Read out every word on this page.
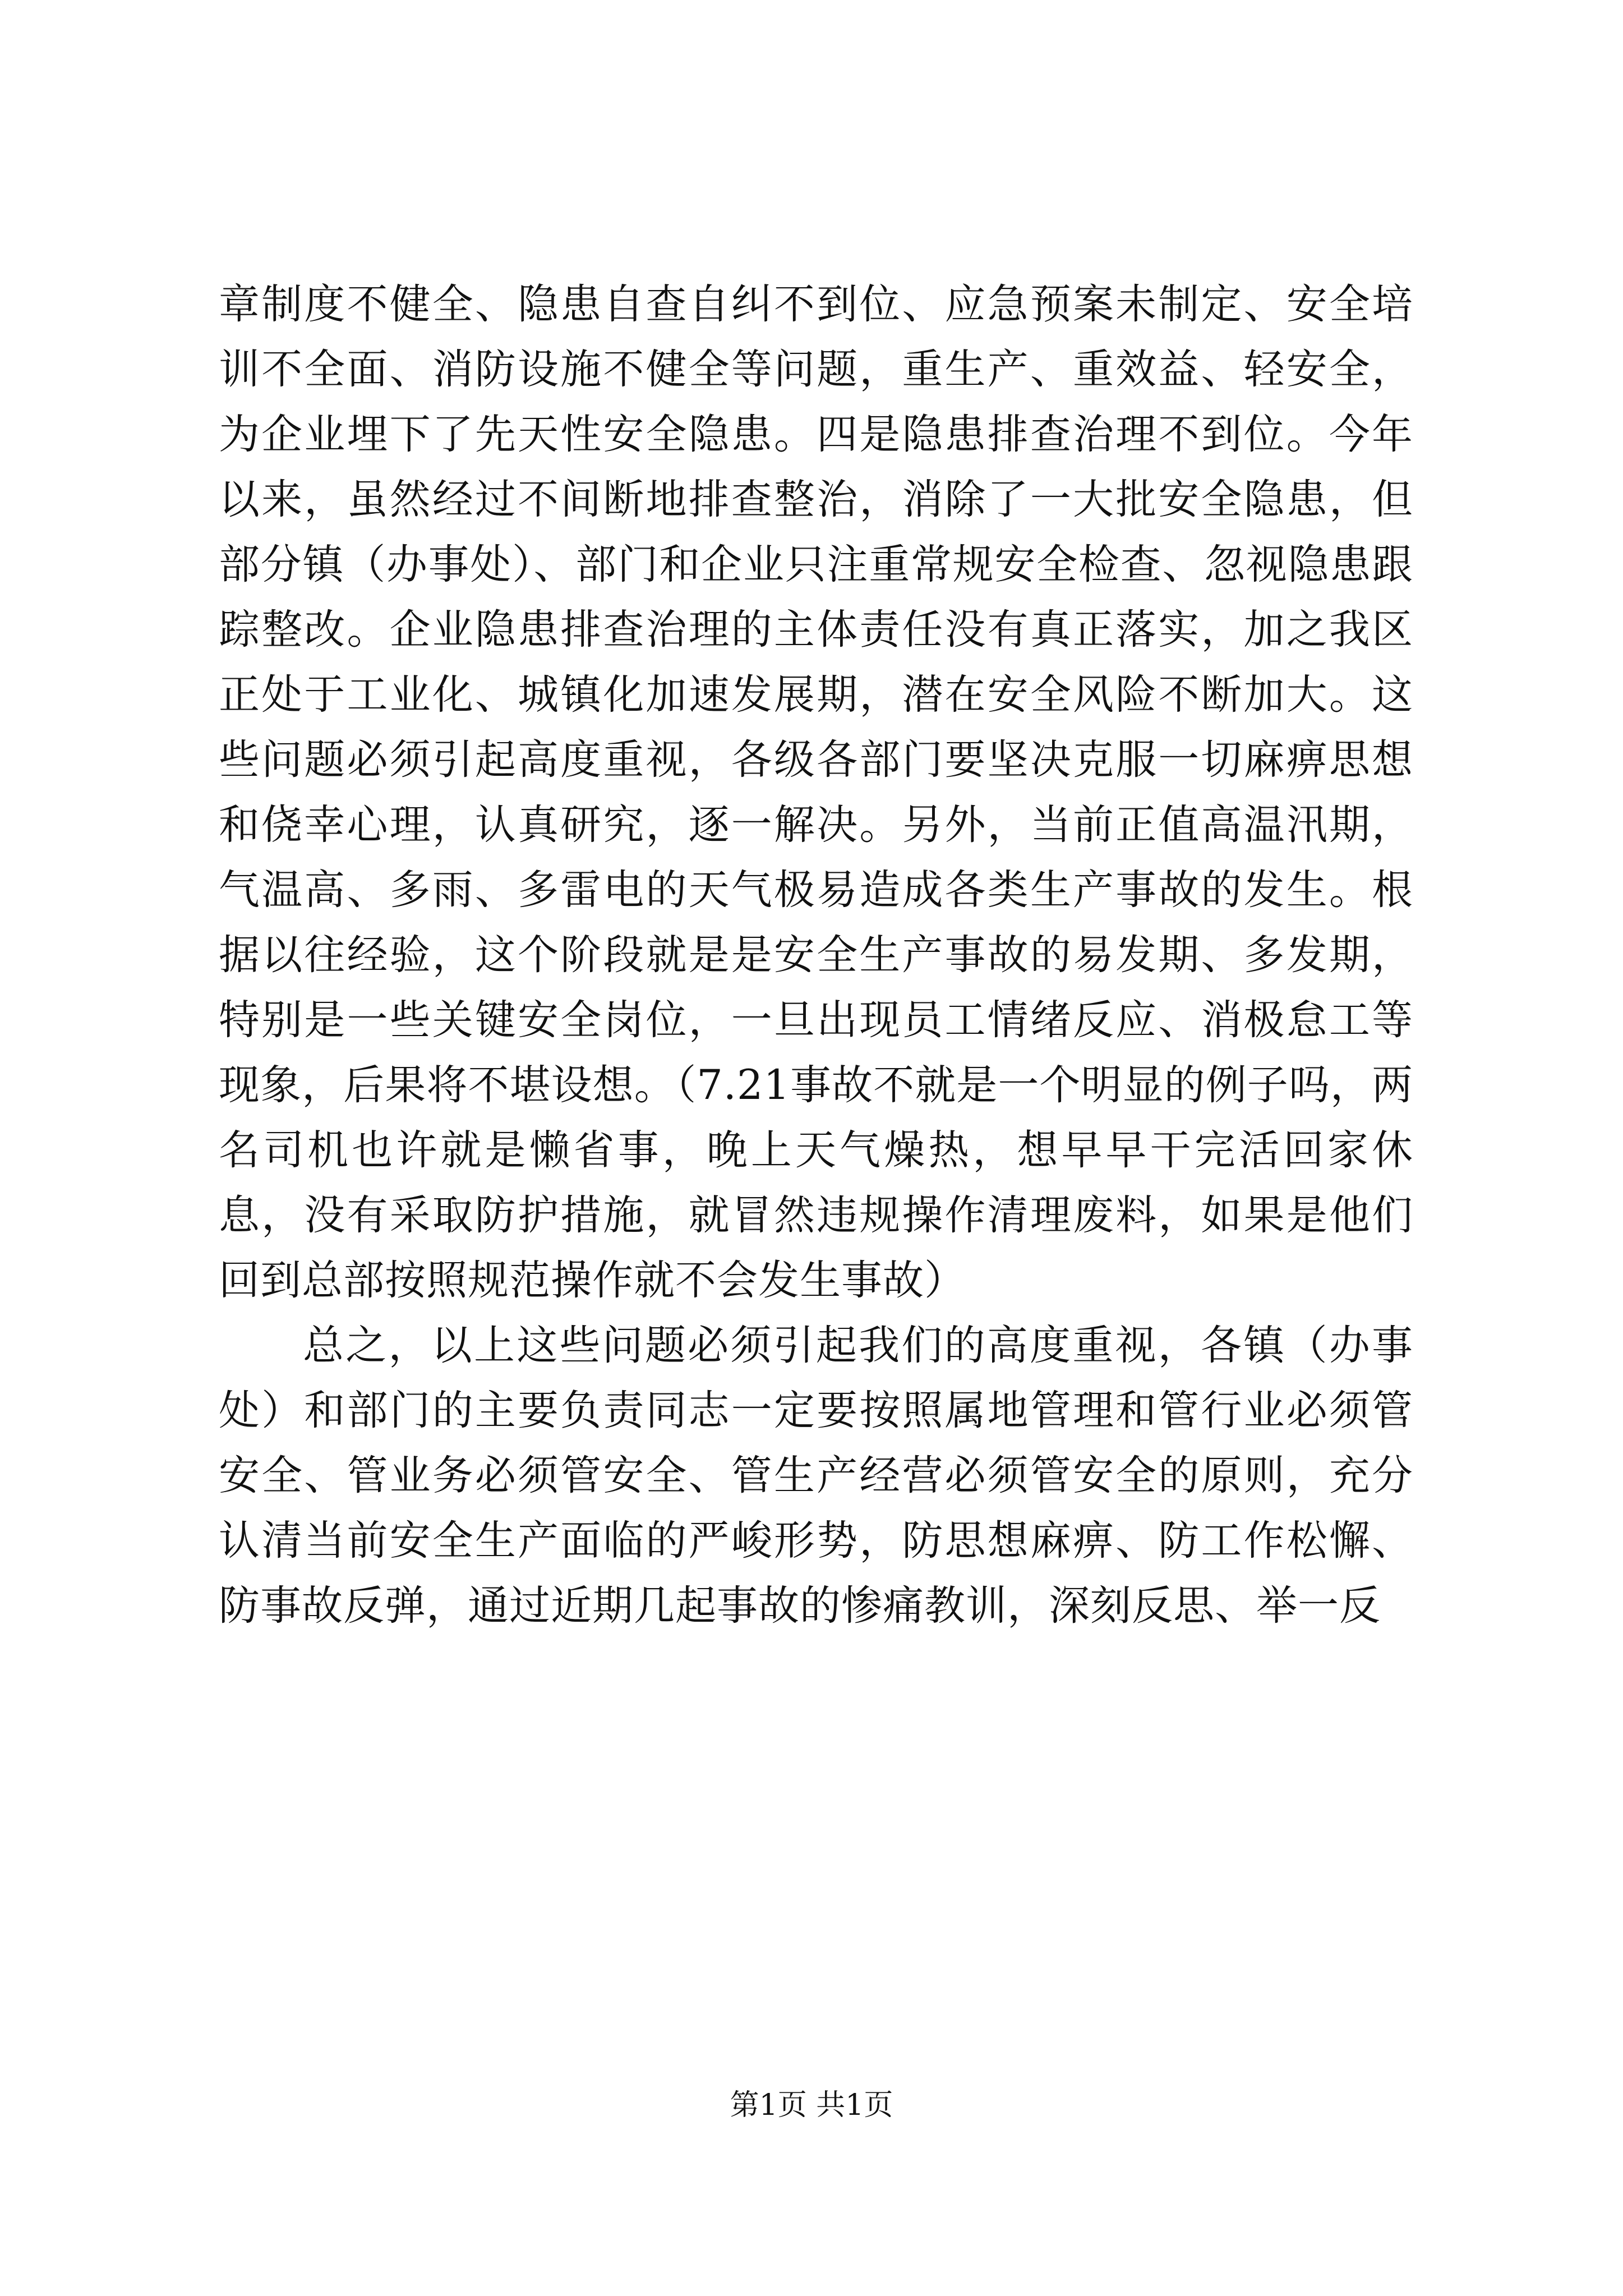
章制度不健全、隐患自查自纠不到位、应急预案未制定、安全培训不全面、消防设施不健全等问题，重生产、重效益、轻安全，为企业埋下了先天性安全隐患。四是隐患排查治理不到位。今年以来，虽然经过不间断地排查整治，消除了一大批安全隐患，但部分镇（办事处）、部门和企业只注重常规安全检查、忽视隐患跟踪整改。企业隐患排查治理的主体责任没有真正落实，加之我区正处于工业化、城镇化加速发展期，潜在安全风险不断加大。这些问题必须引起高度重视，各级各部门要坚决克服一切麻痹思想和侥幸心理，认真研究，逐一解决。另外，当前正值高温汛期，气温高、多雨、多雷电的天气极易造成各类生产事故的发生。根据以往经验，这个阶段就是是安全生产事故的易发期、多发期，特别是一些关键安全岗位，一旦出现员工情绪反应、消极怠工等现象，后果将不堪设想。（7.21事故不就是一个明显的例子吗，两名司机也许就是懒省事，晚上天气燥热，想早早干完活回家休息，没有采取防护措施，就冒然违规操作清理废料，如果是他们回到总部按照规范操作就不会发生事故）

总之，以上这些问题必须引起我们的高度重视，各镇（办事处）和部门的主要负责同志一定要按照属地管理和管行业必须管安全、管业务必须管安全、管生产经营必须管安全的原则，充分认清当前安全生产面临的严峻形势，防思想麻痹、防工作松懈、防事故反弹，通过近期几起事故的惨痛教训，深刻反思、举一反

第1页 共1页
